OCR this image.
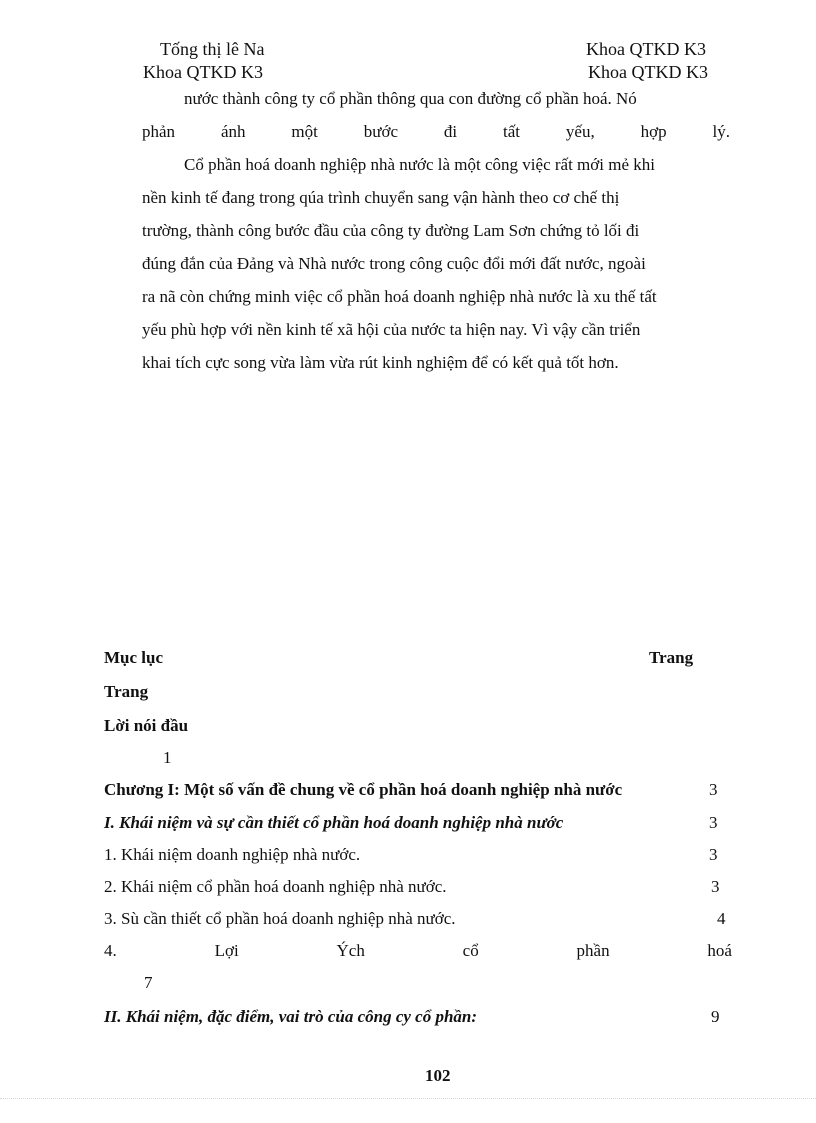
Tống thị lê Na
Khoa QTKD K3
Khoa QTKD K3
Khoa QTKD K3
nước thành công ty cổ phần thông qua con đường cổ phần hoá. Nó
phản ánh một bước đi tất yếu, hợp lý.
Cổ phần hoá doanh nghiệp nhà nước là một công việc rất mới mẻ khi
nền kinh tế đang trong qúa trình chuyển sang vận hành theo cơ chế thị
trường, thành công bước đầu của công ty đường Lam Sơn chứng tỏ lối đi
đúng đắn của Đảng và Nhà nước trong công cuộc đổi mới đất nước, ngoài
ra nã còn chứng minh việc cổ phần hoá doanh nghiệp nhà nước là xu thế tất
yếu phù hợp với nền kinh tế xã hội của nước ta hiện nay. Vì vậy cần triển
khai tích cực song vừa làm vừa rút kinh nghiệm để có kết quả tốt hơn.
Mục lục	Trang
Trang
Lời nói đầu
1
Chương I: Một số vấn đề chung về cổ phần hoá doanh nghiệp nhà nước	3
I. Khái niệm và sự cần thiết cổ phần hoá doanh nghiệp nhà nước	3
1. Khái niệm doanh nghiệp nhà nước.	3
2. Khái niệm cổ phần hoá doanh nghiệp nhà nước.	3
3. Sù cần thiết cổ phần hoá doanh nghiệp nhà nước.	4
4.	Lợi	Ých	cổ	phần	hoá
7
II. Khái niệm, đặc điểm, vai trò của công cy cổ phần:	9
102
